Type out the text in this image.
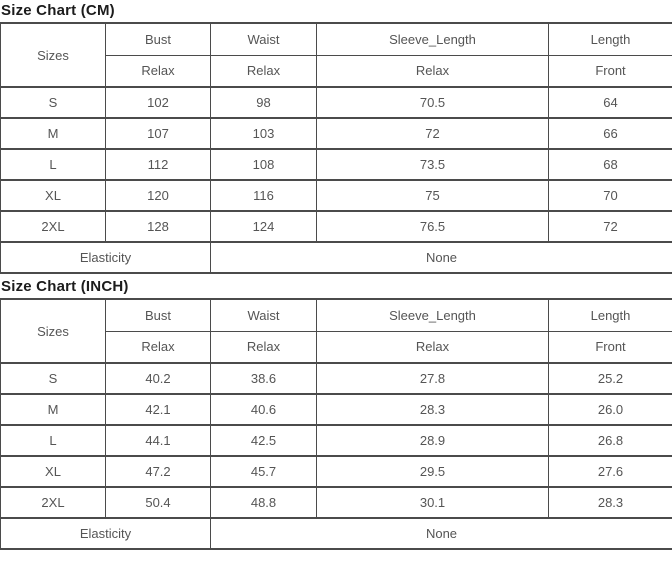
Size Chart (CM)
Sizes	Bust	Waist	Sleeve_Length	Length
	Relax	Relax	Relax	Front
S	102	98	70.5	64
M	107	103	72	66
L	112	108	73.5	68
XL	120	116	75	70
2XL	128	124	76.5	72
Elasticity		None		
Size Chart (INCH)
Sizes	Bust	Waist	Sleeve_Length	Length
	Relax	Relax	Relax	Front
S	40.2	38.6	27.8	25.2
M	42.1	40.6	28.3	26.0
L	44.1	42.5	28.9	26.8
XL	47.2	45.7	29.5	27.6
2XL	50.4	48.8	30.1	28.3
Elasticity		None		
